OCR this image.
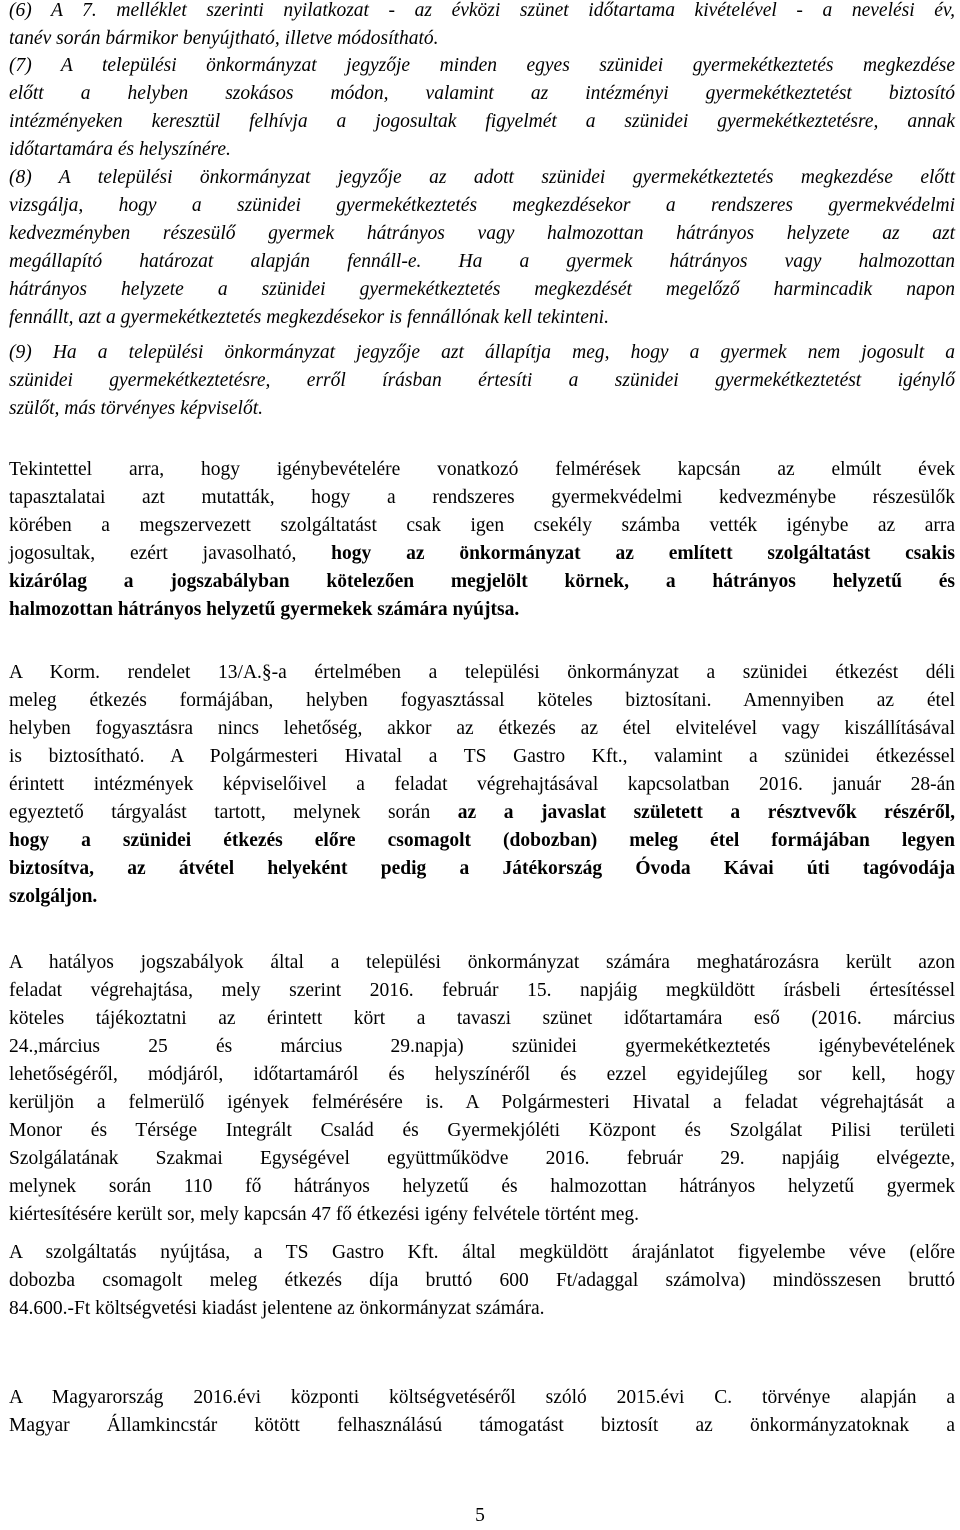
(6) A 7. melléklet szerinti nyilatkozat - az évközi szünet időtartama kivételével - a nevelési év,
tanév során bármikor benyújtható, illetve módosítható.
(7) A települési önkormányzat jegyzője minden egyes szünidei gyermekétkeztetés megkezdése
előtt a helyben szokásos módon, valamint az intézményi gyermekétkeztetést biztosító
intézményeken keresztül felhívja a jogosultak figyelmét a szünidei gyermekétkeztetésre, annak
időtartamára és helyszínére.
(8) A települési önkormányzat jegyzője az adott szünidei gyermekétkeztetés megkezdése előtt
vizsgálja, hogy a szünidei gyermekétkeztetés megkezdésekor a rendszeres gyermekvédelmi
kedvezményben részesülő gyermek hátrányos vagy halmozottan hátrányos helyzete az azt
megállapító határozat alapján fennáll-e. Ha a gyermek hátrányos vagy halmozottan
hátrányos helyzete a szünidei gyermekétkeztetés megkezdését megelőző harmincadik napon
fennállt, azt a gyermekétkeztetés megkezdésekor is fennállónak kell tekinteni.
(9) Ha a települési önkormányzat jegyzője azt állapítja meg, hogy a gyermek nem jogosult a
szünidei gyermekétkeztetésre, erről írásban értesíti a szünidei gyermekétkeztetést igénylő
szülőt, más törvényes képviselőt.
Tekintettel arra, hogy igénybevételére vonatkozó felmérések kapcsán az elmúlt évek
tapasztalatai azt mutatták, hogy a rendszeres gyermekvédelmi kedvezménybe részesülők
körében a megszervezett szolgáltatást csak igen csekély számba vették igénybe az arra
jogosultak, ezért javasolható, hogy az önkormányzat az említett szolgáltatást csakis
kizárólag a jogszabályban kötelezően megjelölt körnek, a hátrányos helyzetű és
halmozottan hátrányos helyzetű gyermekek számára nyújtsa.
A Korm. rendelet 13/A.§-a értelmében a települési önkormányzat a szünidei étkezést déli
meleg étkezés formájában, helyben fogyasztással köteles biztosítani. Amennyiben az étel
helyben fogyasztásra nincs lehetőség, akkor az étkezés az étel elvitelével vagy kiszállításával
is biztosítható. A Polgármesteri Hivatal a TS Gastro Kft., valamint a szünidei étkezéssel
érintett intézmények képviselőivel a feladat végrehajtásával kapcsolatban 2016. január 28-án
egyeztető tárgyalást tartott, melynek során az a javaslat született a résztvevők részéről,
hogy a szünidei étkezés előre csomagolt (dobozban) meleg étel formájában legyen
biztosítva, az átvétel helyeként pedig a Játékország Óvoda Kávai úti tagóvodája
szolgáljon.
A hatályos jogszabályok által a települési önkormányzat számára meghatározásra került azon
feladat végrehajtása, mely szerint 2016. február 15. napjáig megküldött írásbeli értesítéssel
köteles tájékoztatni az érintett kört a tavaszi szünet időtartamára eső (2016. március
24.,március 25 és március 29.napja) szünidei gyermekétkeztetés igénybevételének
lehetőségéről, módjáról, időtartamáról és helyszínéről és ezzel egyidejűleg sor kell, hogy
kerüljön a felmerülő igények felmérésére is. A Polgármesteri Hivatal a feladat végrehajtását a
Monor és Térsége Integrált Család és Gyermekjóléti Központ és Szolgálat Pilisi területi
Szolgálatának Szakmai Egységével együttműködve 2016. február 29. napjáig elvégezte,
melynek során 110 fő hátrányos helyzetű és halmozottan hátrányos helyzetű gyermek
kiértesítésére került sor, mely kapcsán 47 fő étkezési igény felvétele történt meg.
A szolgáltatás nyújtása, a TS Gastro Kft. által megküldött árajánlatot figyelembe véve (előre
dobozba csomagolt meleg étkezés díja bruttó 600 Ft/adaggal számolva) mindösszesen bruttó
84.600.-Ft költségvetési kiadást jelentene az önkormányzat számára.
A Magyarország 2016.évi központi költségvetéséről szóló 2015.évi C. törvénye alapján a
Magyar Államkincstár kötött felhasználású támogatást biztosít az önkormányzatoknak a
5
